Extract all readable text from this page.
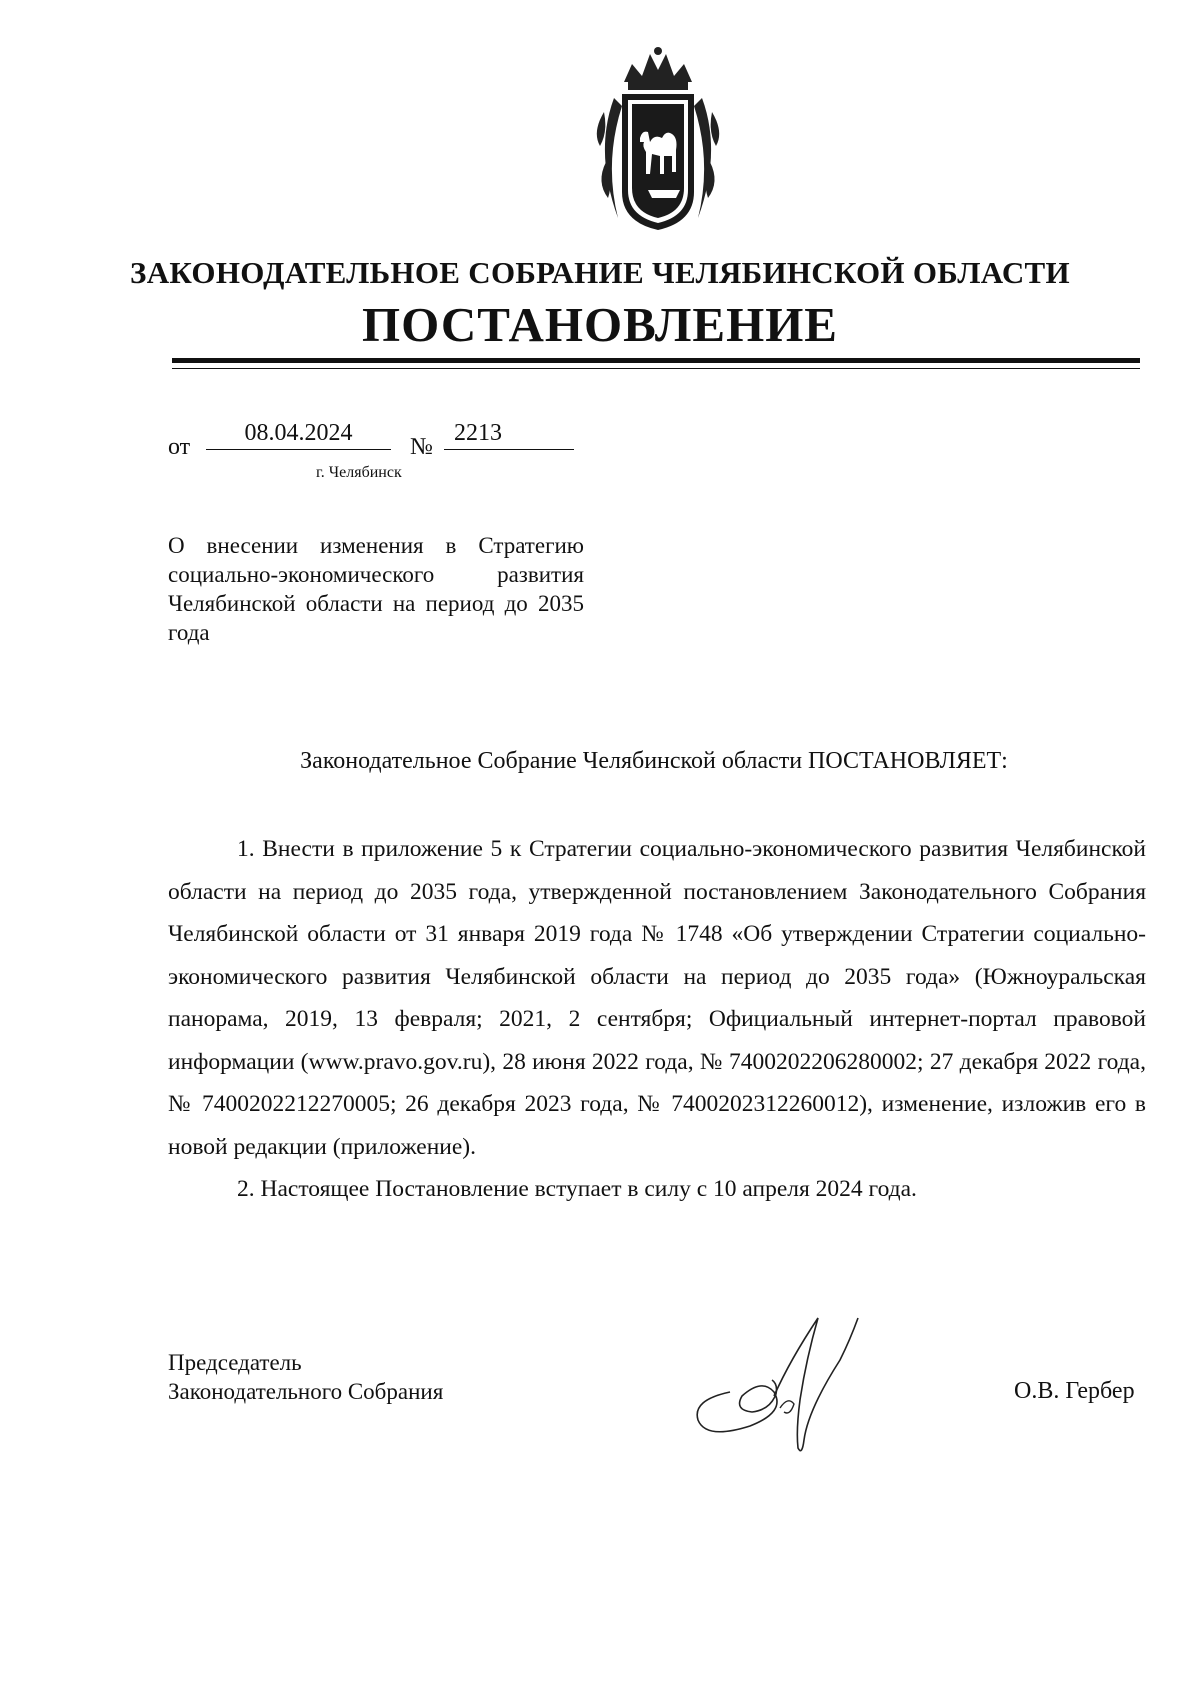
ЗАКОНОДАТЕЛЬНОЕ СОБРАНИЕ ЧЕЛЯБИНСКОЙ ОБЛАСТИ
ПОСТАНОВЛЕНИЕ
от
08.04.2024
№
2213
г. Челябинск
О внесении изменения в Стратегию социально-экономического развития Челябинской области на период до 2035 года
Законодательное Собрание Челябинской области ПОСТАНОВЛЯЕТ:

1. Внести в приложение 5 к Стратегии социально-экономического развития Челябинской области на период до 2035 года, утвержденной постановлением Законодательного Собрания Челябинской области от 31 января 2019 года № 1748 «Об утверждении Стратегии социально-экономического развития Челябинской области на период до 2035 года» (Южноуральская панорама, 2019, 13 февраля; 2021, 2 сентября; Официальный интернет-портал правовой информации (www.pravo.gov.ru), 28 июня 2022 года, № 7400202206280002; 27 декабря 2022 года, № 7400202212270005; 26 декабря 2023 года, № 7400202312260012), изменение, изложив его в новой редакции (приложение).

2. Настоящее Постановление вступает в силу с 10 апреля 2024 года.

Председатель
Законодательного Собрания	О.В. Гербер
